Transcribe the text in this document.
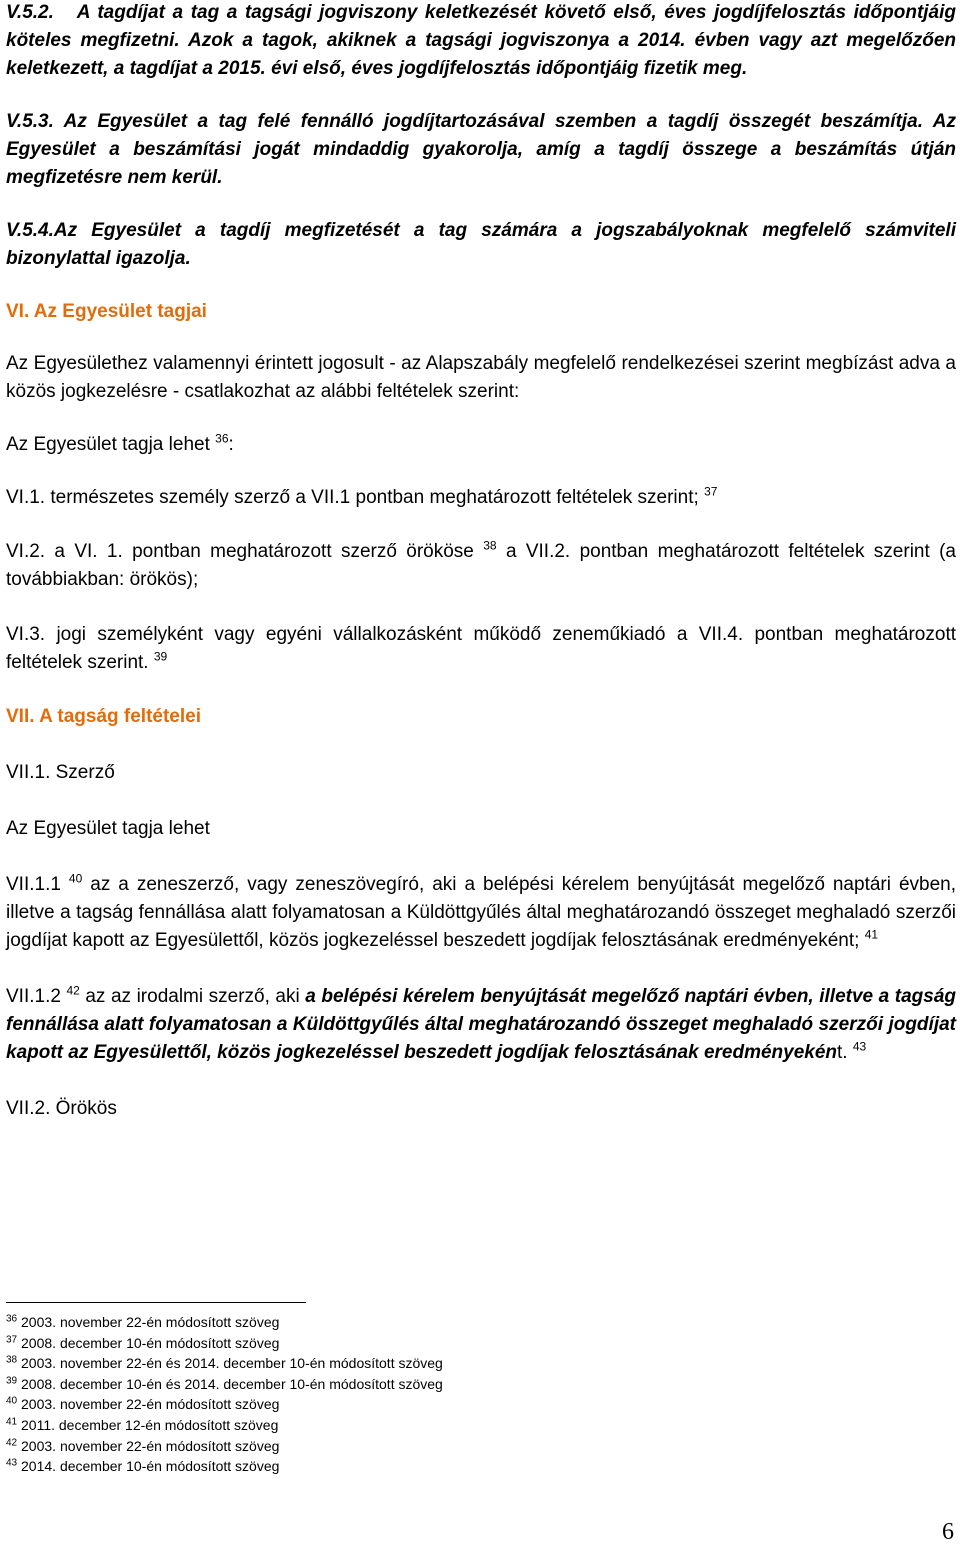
V.5.2. A tagdíjat a tag a tagsági jogviszony keletkezését követő első, éves jogdíjfelosztás időpontjáig köteles megfizetni. Azok a tagok, akiknek a tagsági jogviszonya a 2014. évben vagy azt megelőzően keletkezett, a tagdíjat a 2015. évi első, éves jogdíjfelosztás időpontjáig fizetik meg.

V.5.3. Az Egyesület a tag felé fennálló jogdíjtartozásával szemben a tagdíj összegét beszámítja. Az Egyesület a beszámítási jogát mindaddig gyakorolja, amíg a tagdíj összege a beszámítás útján megfizetésre nem kerül.

V.5.4.Az Egyesület a tagdíj megfizetését a tag számára a jogszabályoknak megfelelő számviteli bizonylattal igazolja.

VI. Az Egyesület tagjai

Az Egyesülethez valamennyi érintett jogosult - az Alapszabály megfelelő rendelkezései szerint megbízást adva a közös jogkezelésre - csatlakozhat az alábbi feltételek szerint:

Az Egyesület tagja lehet $^{36}$:

VI.1. természetes személy szerző a VII.1 pontban meghatározott feltételek szerint; $^{37}$

VI.2. a VI. 1. pontban meghatározott szerző örököse $^{38}$ a VII.2. pontban meghatározott feltételek szerint (a továbbiakban: örökös);

VI.3. jogi személyként vagy egyéni vállalkozásként működő zeneműkiadó a VII.4. pontban meghatározott feltételek szerint. $^{39}$

VII. A tagság feltételei

VII.1. Szerző

Az Egyesület tagja lehet

VII.1.1 $^{40}$ az a zeneszerző, vagy zeneszövegíró, aki a belépési kérelem benyújtását megelőző naptári évben, illetve a tagság fennállása alatt folyamatosan a Küldöttgyűlés által meghatározandó összeget meghaladó szerzői jogdíjat kapott az Egyesülettől, közös jogkezeléssel beszedett jogdíjak felosztásának eredményeként; $^{41}$

VII.1.2 $^{42}$ az az irodalmi szerző, aki a belépési kérelem benyújtását megelőző naptári évben, illetve a tagság fennállása alatt folyamatosan a Küldöttgyűlés által meghatározandó összeget meghaladó szerzői jogdíjat kapott az Egyesülettől, közös jogkezeléssel beszedett jogdíjak felosztásának eredményeként. $^{43}$

VII.2. Örökös

$^{36}$ 2003. november 22-én módosított szöveg

$^{37}$ 2008. december 10-én módosított szöveg

$^{38}$ 2003. november 22-én és 2014. december 10-én módosított szöveg

$^{39}$ 2008. december 10-én és 2014. december 10-én módosított szöveg

$^{40}$ 2003. november 22-én módosított szöveg

$^{41}$ 2011. december 12-én módosított szöveg

$^{42}$ 2003. november 22-én módosított szöveg

$^{43}$ 2014. december 10-én módosított szöveg

6
